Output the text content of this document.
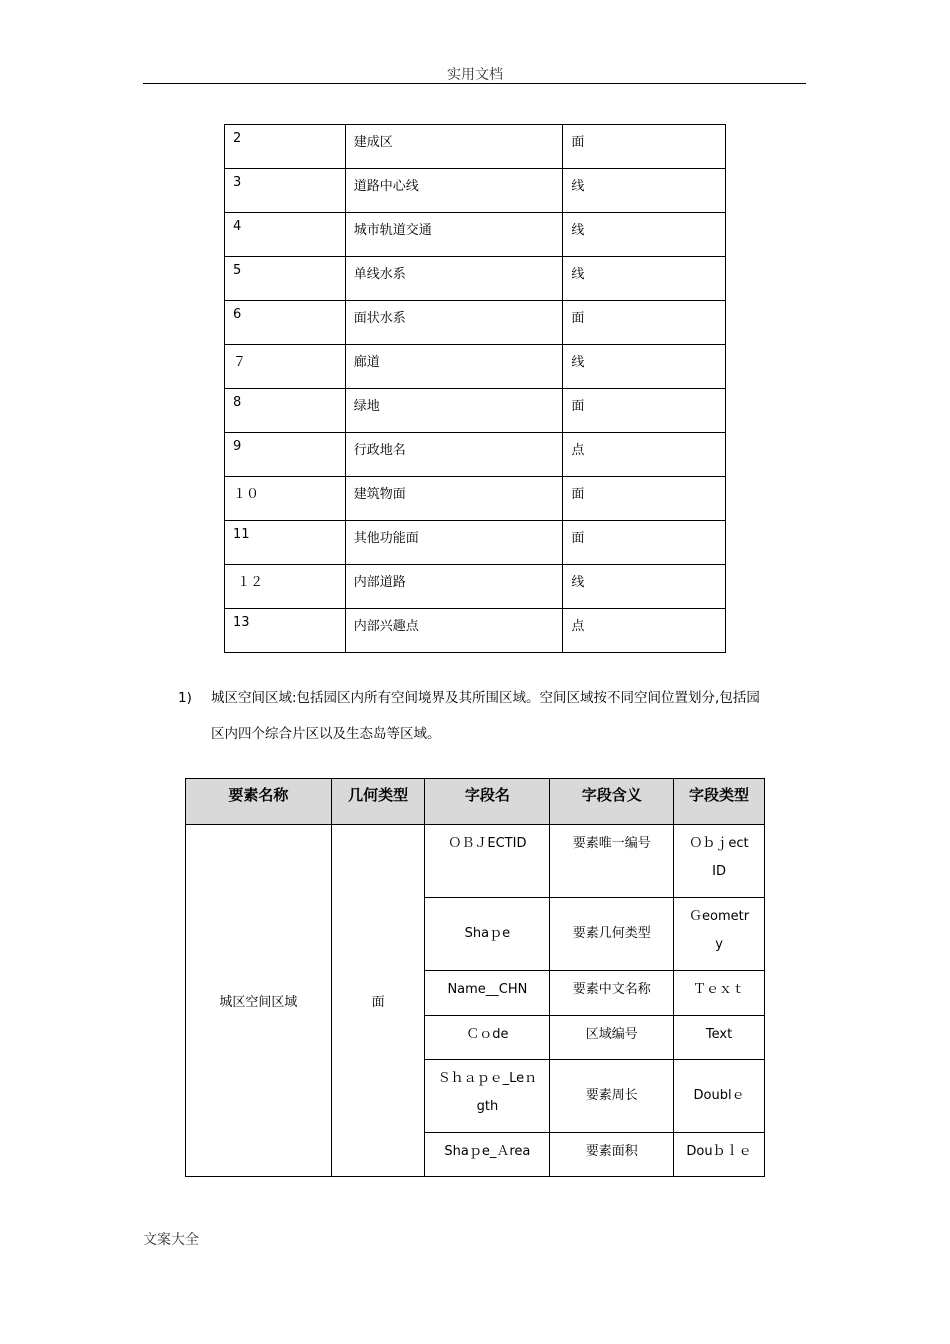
实用文档
2	建成区	面
3	道路中心线	线
4	城市轨道交通	线
5	单线水系	线
6	面状水系	面
７	廊道	线
8	绿地	面
9	行政地名	点
１０	建筑物面	面
11	其他功能面	面
１２	内部道路	线
13	内部兴趣点	点
1)	城区空间区域:包括园区内所有空间境界及其所围区域。空间区域按不同空间位置划分,包括园
区内四个综合片区以及生态岛等区域。
要素名称	几何类型	字段名	字段含义	字段类型
城区空间区域	面	ＯＢＪECTID	要素唯一编号	Ｏｂｊect
ID

		Shaｐe	要素几何类型	Ｇeometr
y

		Name__CHN	要素中文名称	Ｔｅｘｔ
		Ｃｏde	区域编号	Text

		Ｓｈａｐｅ_Leｎ
gth	要素周长	Doublｅ
		Shaｐe_Ａrea	要素面积	Douｂｌｅ
文案大全
